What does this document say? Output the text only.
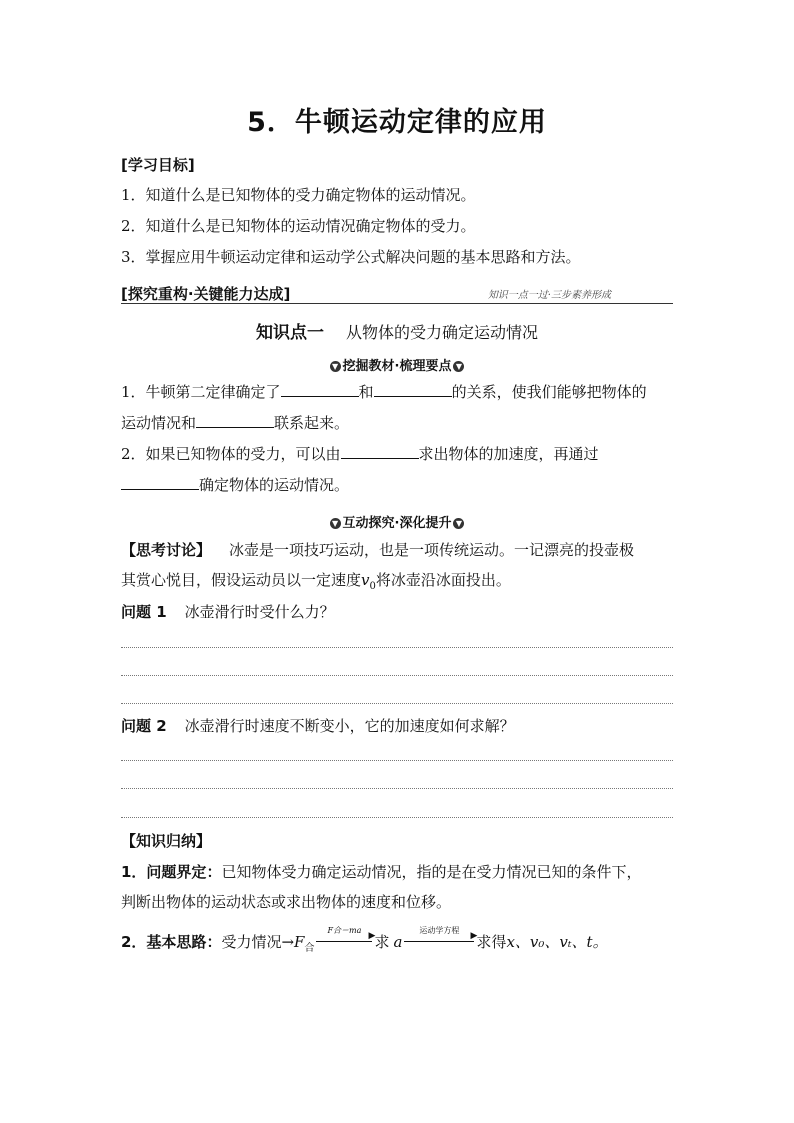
5．牛顿运动定律的应用
[学习目标]
1．知道什么是已知物体的受力确定物体的运动情况。
2．知道什么是已知物体的运动情况确定物体的受力。
3．掌握应用牛顿运动定律和运动学公式解决问题的基本思路和方法。
[探究重构·关键能力达成]	知识一点一过·三步素养形成
知识点一 从物体的受力确定运动情况
▼ 挖掘教材·梳理要点 ▼
1．牛顿第二定律确定了	和	的关系，使我们能够把物体的
运动情况和	联系起来。
2．如果已知物体的受力，可以由	求出物体的加速度，再通过
确定物体的运动情况。
▼ 互动探究·深化提升 ▼
【思考讨论】 冰壶是一项技巧运动，也是一项传统运动。一记漂亮的投壶极
其赏心悦目，假设运动员以一定速度$v_0$将冰壶沿冰面投出。
问题 1 冰壶滑行时受什么力？
问题 2 冰壶滑行时速度不断变小，它的加速度如何求解？
【知识归纳】
1．问题界定：已知物体受力确定运动情况，指的是在受力情况已知的条件下，
判断出物体的运动状态或求出物体的速度和位移。
2．基本思路：受力情况$\to F_合$
F合＝ma
▶ 求 a
运动学方程
▶ 求得x、v₀、vₜ、t。
